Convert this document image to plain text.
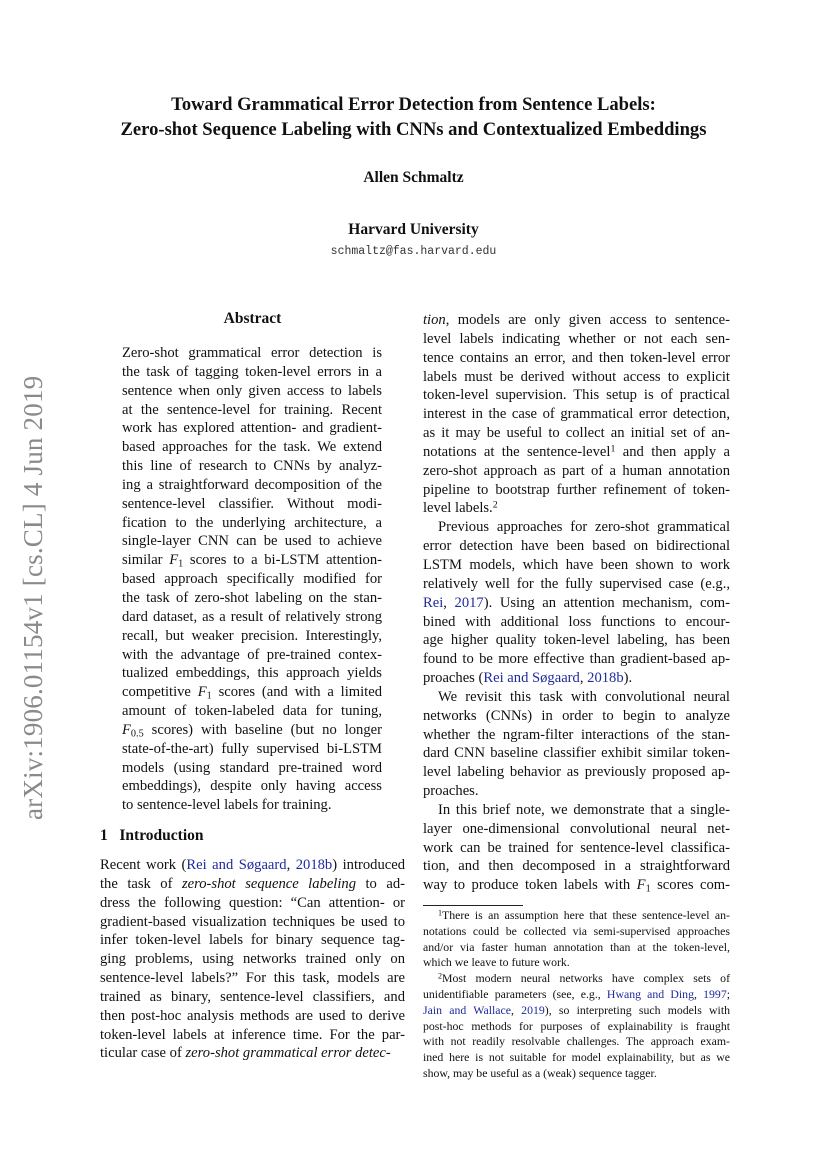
Toward Grammatical Error Detection from Sentence Labels:
Zero-shot Sequence Labeling with CNNs and Contextualized Embeddings
Allen Schmaltz
Harvard University
schmaltz@fas.harvard.edu
arXiv:1906.01154v1 [cs.CL] 4 Jun 2019
Abstract
Zero-shot grammatical error detection is
the task of tagging token-level errors in a
sentence when only given access to labels
at the sentence-level for training. Recent
work has explored attention- and gradient-
based approaches for the task. We extend
this line of research to CNNs by analyz-
ing a straightforward decomposition of the
sentence-level classifier. Without modi-
fication to the underlying architecture, a
single-layer CNN can be used to achieve
similar $F_1$ scores to a bi-LSTM attention-
based approach specifically modified for
the task of zero-shot labeling on the stan-
dard dataset, as a result of relatively strong
recall, but weaker precision. Interestingly,
with the advantage of pre-trained contex-
tualized embeddings, this approach yields
competitive $F_1$ scores (and with a limited
amount of token-labeled data for tuning,
$F_{0.5}$ scores) with baseline (but no longer
state-of-the-art) fully supervised bi-LSTM
models (using standard pre-trained word
embeddings), despite only having access
to sentence-level labels for training.
1 Introduction
Recent work (Rei and Søgaard, 2018b) introduced
the task of zero-shot sequence labeling to ad-
dress the following question: “Can attention- or
gradient-based visualization techniques be used to
infer token-level labels for binary sequence tag-
ging problems, using networks trained only on
sentence-level labels?” For this task, models are
trained as binary, sentence-level classifiers, and
then post-hoc analysis methods are used to derive
token-level labels at inference time. For the par-
ticular case of zero-shot grammatical error detec-
tion, models are only given access to sentence-
level labels indicating whether or not each sen-
tence contains an error, and then token-level error
labels must be derived without access to explicit
token-level supervision. This setup is of practical
interest in the case of grammatical error detection,
as it may be useful to collect an initial set of an-
notations at the sentence-level$^1$ and then apply a
zero-shot approach as part of a human annotation
pipeline to bootstrap further refinement of token-
level labels.$^2$
Previous approaches for zero-shot grammatical
error detection have been based on bidirectional
LSTM models, which have been shown to work
relatively well for the fully supervised case (e.g.,
Rei, 2017). Using an attention mechanism, com-
bined with additional loss functions to encour-
age higher quality token-level labeling, has been
found to be more effective than gradient-based ap-
proaches (Rei and Søgaard, 2018b).
We revisit this task with convolutional neural
networks (CNNs) in order to begin to analyze
whether the ngram-filter interactions of the stan-
dard CNN baseline classifier exhibit similar token-
level labeling behavior as previously proposed ap-
proaches.
In this brief note, we demonstrate that a single-
layer one-dimensional convolutional neural net-
work can be trained for sentence-level classifica-
tion, and then decomposed in a straightforward
way to produce token labels with $F_1$ scores com-
$^1$There is an assumption here that these sentence-level an-
notations could be collected via semi-supervised approaches
and/or via faster human annotation than at the token-level,
which we leave to future work.
$^2$Most modern neural networks have complex sets of
unidentifiable parameters (see, e.g., Hwang and Ding, 1997;
Jain and Wallace, 2019), so interpreting such models with
post-hoc methods for purposes of explainability is fraught
with not readily resolvable challenges. The approach exam-
ined here is not suitable for model explainability, but as we
show, may be useful as a (weak) sequence tagger.
